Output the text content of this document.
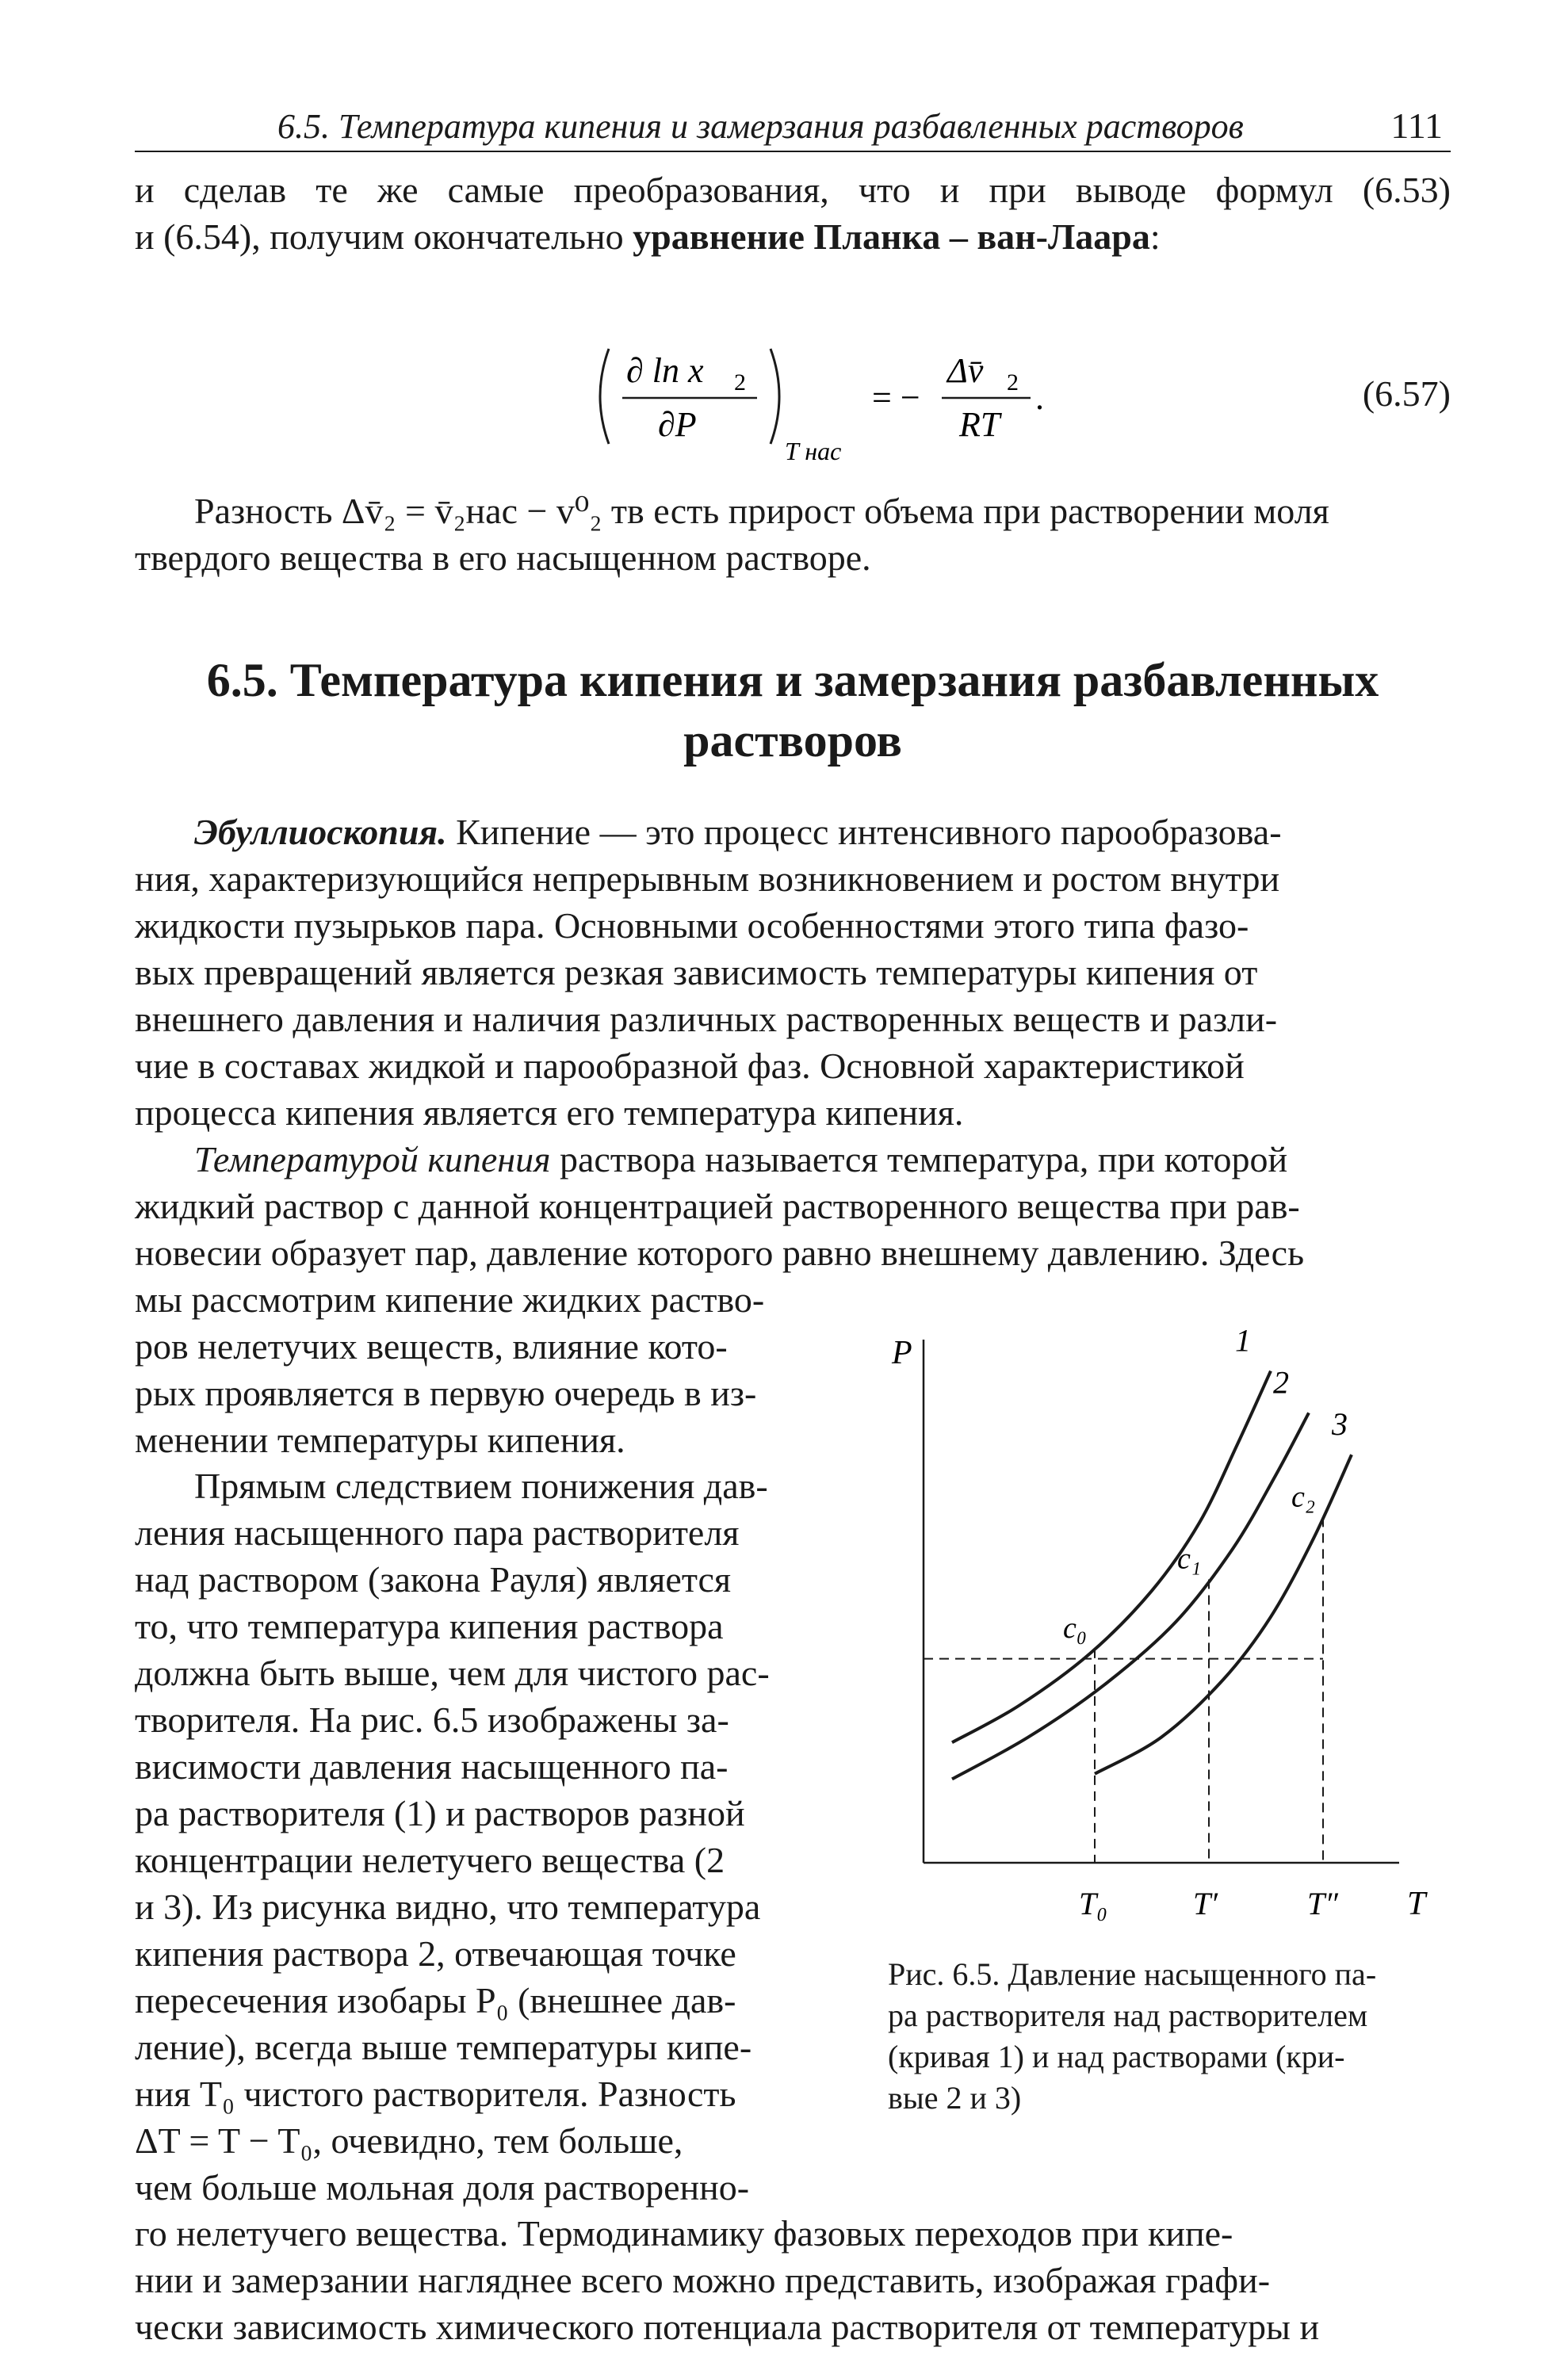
6.5. Температура кипения и замерзания разбавленных растворов	111
и сделав те же самые преобразования, что и при выводе формул (6.53)
и (6.54), получим окончательно уравнение Планка – ван-Лаара:
∂ ln x 2
∂P
T нас
= −
Δv̄ 2
RT
.	(6.57)
Разность Δv̄₂ = v̄₂нас − v⁰₂ тв есть прирост объема при растворении моля
твердого вещества в его насыщенном растворе.
6.5. Температура кипения и замерзания разбавленных
растворов
Эбуллиоскопия. Кипение — это процесс интенсивного парообразова-
ния, характеризующийся непрерывным возникновением и ростом внутри
жидкости пузырьков пара. Основными особенностями этого типа фазо-
вых превращений является резкая зависимость температуры кипения от
внешнего давления и наличия различных растворенных веществ и разли-
чие в составах жидкой и парообразной фаз. Основной характеристикой
процесса кипения является его температура кипения.
Температурой кипения раствора называется температура, при которой
жидкий раствор с данной концентрацией растворенного вещества при рав-
новесии образует пар, давление которого равно внешнему давлению. Здесь
мы рассмотрим кипение жидких раство-
ров нелетучих веществ, влияние кото-
рых проявляется в первую очередь в из-
менении температуры кипения.
Прямым следствием понижения дав-
ления насыщенного пара растворителя
над раствором (закона Рауля) является
то, что температура кипения раствора
должна быть выше, чем для чистого рас-
творителя. На рис. 6.5 изображены за-
висимости давления насыщенного па-
ра растворителя (1) и растворов разной
концентрации нелетучего вещества (2
и 3). Из рисунка видно, что температура
кипения раствора 2, отвечающая точке
пересечения изобары P₀ (внешнее дав-
ление), всегда выше температуры кипе-
ния T₀ чистого растворителя. Разность
ΔT = T − T₀, очевидно, тем больше,
чем больше мольная доля растворенно-
го нелетучего вещества. Термодинамику фазовых переходов при кипе-
нии и замерзании нагляднее всего можно представить, изображая графи-
чески зависимость химического потенциала растворителя от температуры и
P
T
1
2
3
c₀
T₀
c₁
T′
c₂
T″
Рис. 6.5. Давление насыщенного па-
ра растворителя над растворителем
(кривая 1) и над растворами (кри-
вые 2 и 3)
